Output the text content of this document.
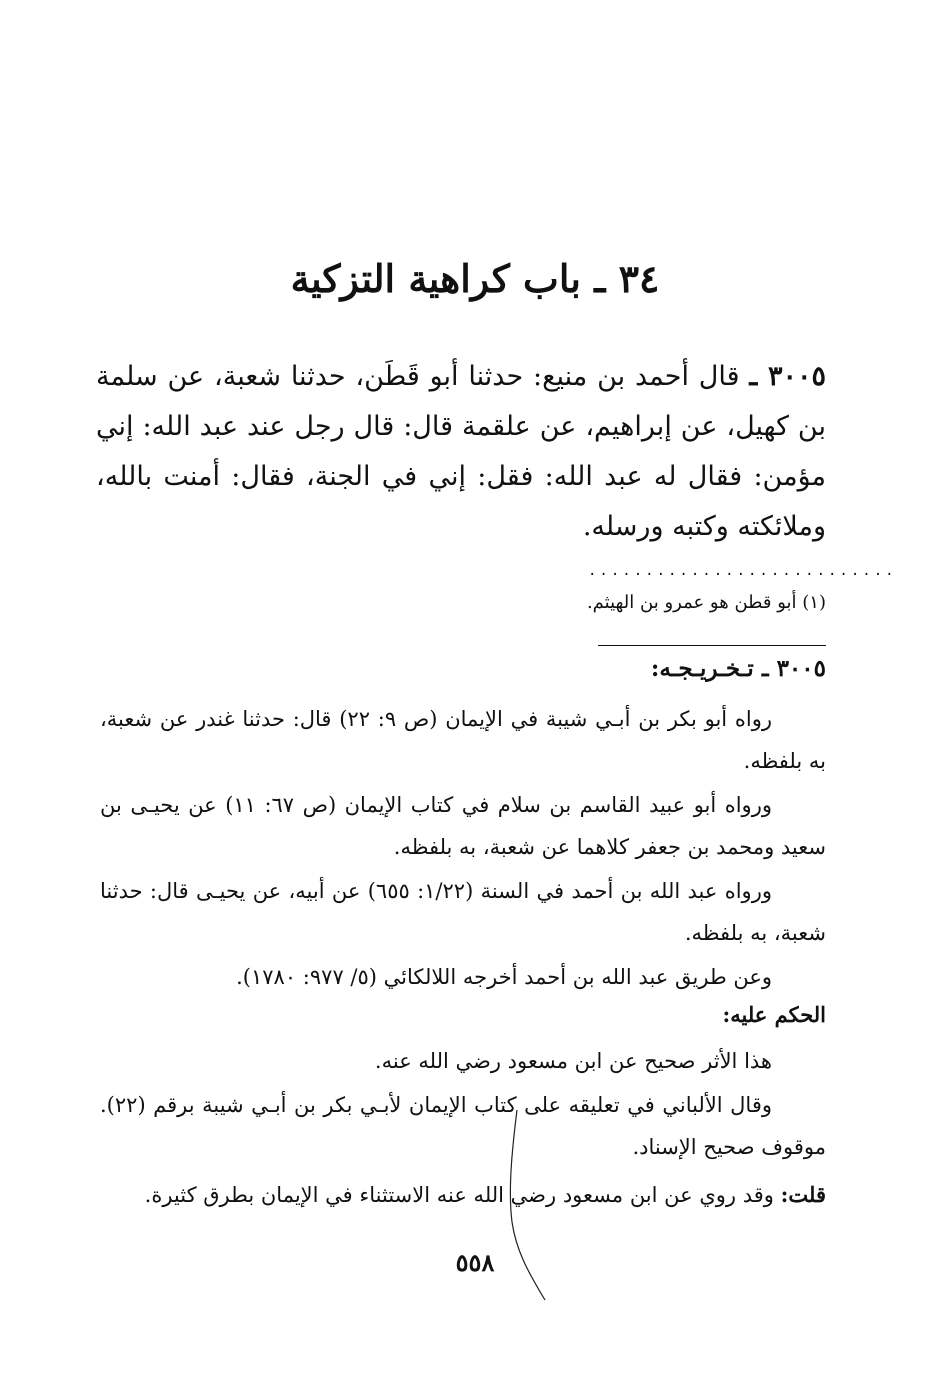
٣٤ ـ باب كراهية التزكية
٣٠٠٥ ـ قال أحمد بن منيع: حدثنا أبو قَطَن، حدثنا شعبة، عن سلمة بن كهيل، عن إبراهيم، عن علقمة قال: قال رجل عند عبد الله: إني مؤمن: فقال له عبد الله: فقل: إني في الجنة، فقال: أمنت بالله، وملائكته وكتبه ورسله.
...........................
(١) أبو قطن هو عمرو بن الهيثم.
٣٠٠٥ ـ تـخـريـجـه:
رواه أبو بكر بن أبـي شيبة في الإيمان (ص ٩: ٢٢) قال: حدثنا غندر عن شعبة، به بلفظه.
ورواه أبو عبيد القاسم بن سلام في كتاب الإيمان (ص ٦٧: ١١) عن يحيـى بن سعيد ومحمد بن جعفر كلاهما عن شعبة، به بلفظه.
ورواه عبد الله بن أحمد في السنة (١/٢٢: ٦٥٥) عن أبيه، عن يحيـى قال: حدثنا شعبة، به بلفظه.
وعن طريق عبد الله بن أحمد أخرجه اللالكائي (٥/ ٩٧٧: ١٧٨٠).
الحكم عليه:
هذا الأثر صحيح عن ابن مسعود رضي الله عنه.
وقال الألباني في تعليقه على كتاب الإيمان لأبـي بكر بن أبـي شيبة برقم (٢٢). موقوف صحيح الإسناد.
قلت: وقد روي عن ابن مسعود رضي الله عنه الاستثناء في الإيمان بطرق كثيرة.
٥٥٨
